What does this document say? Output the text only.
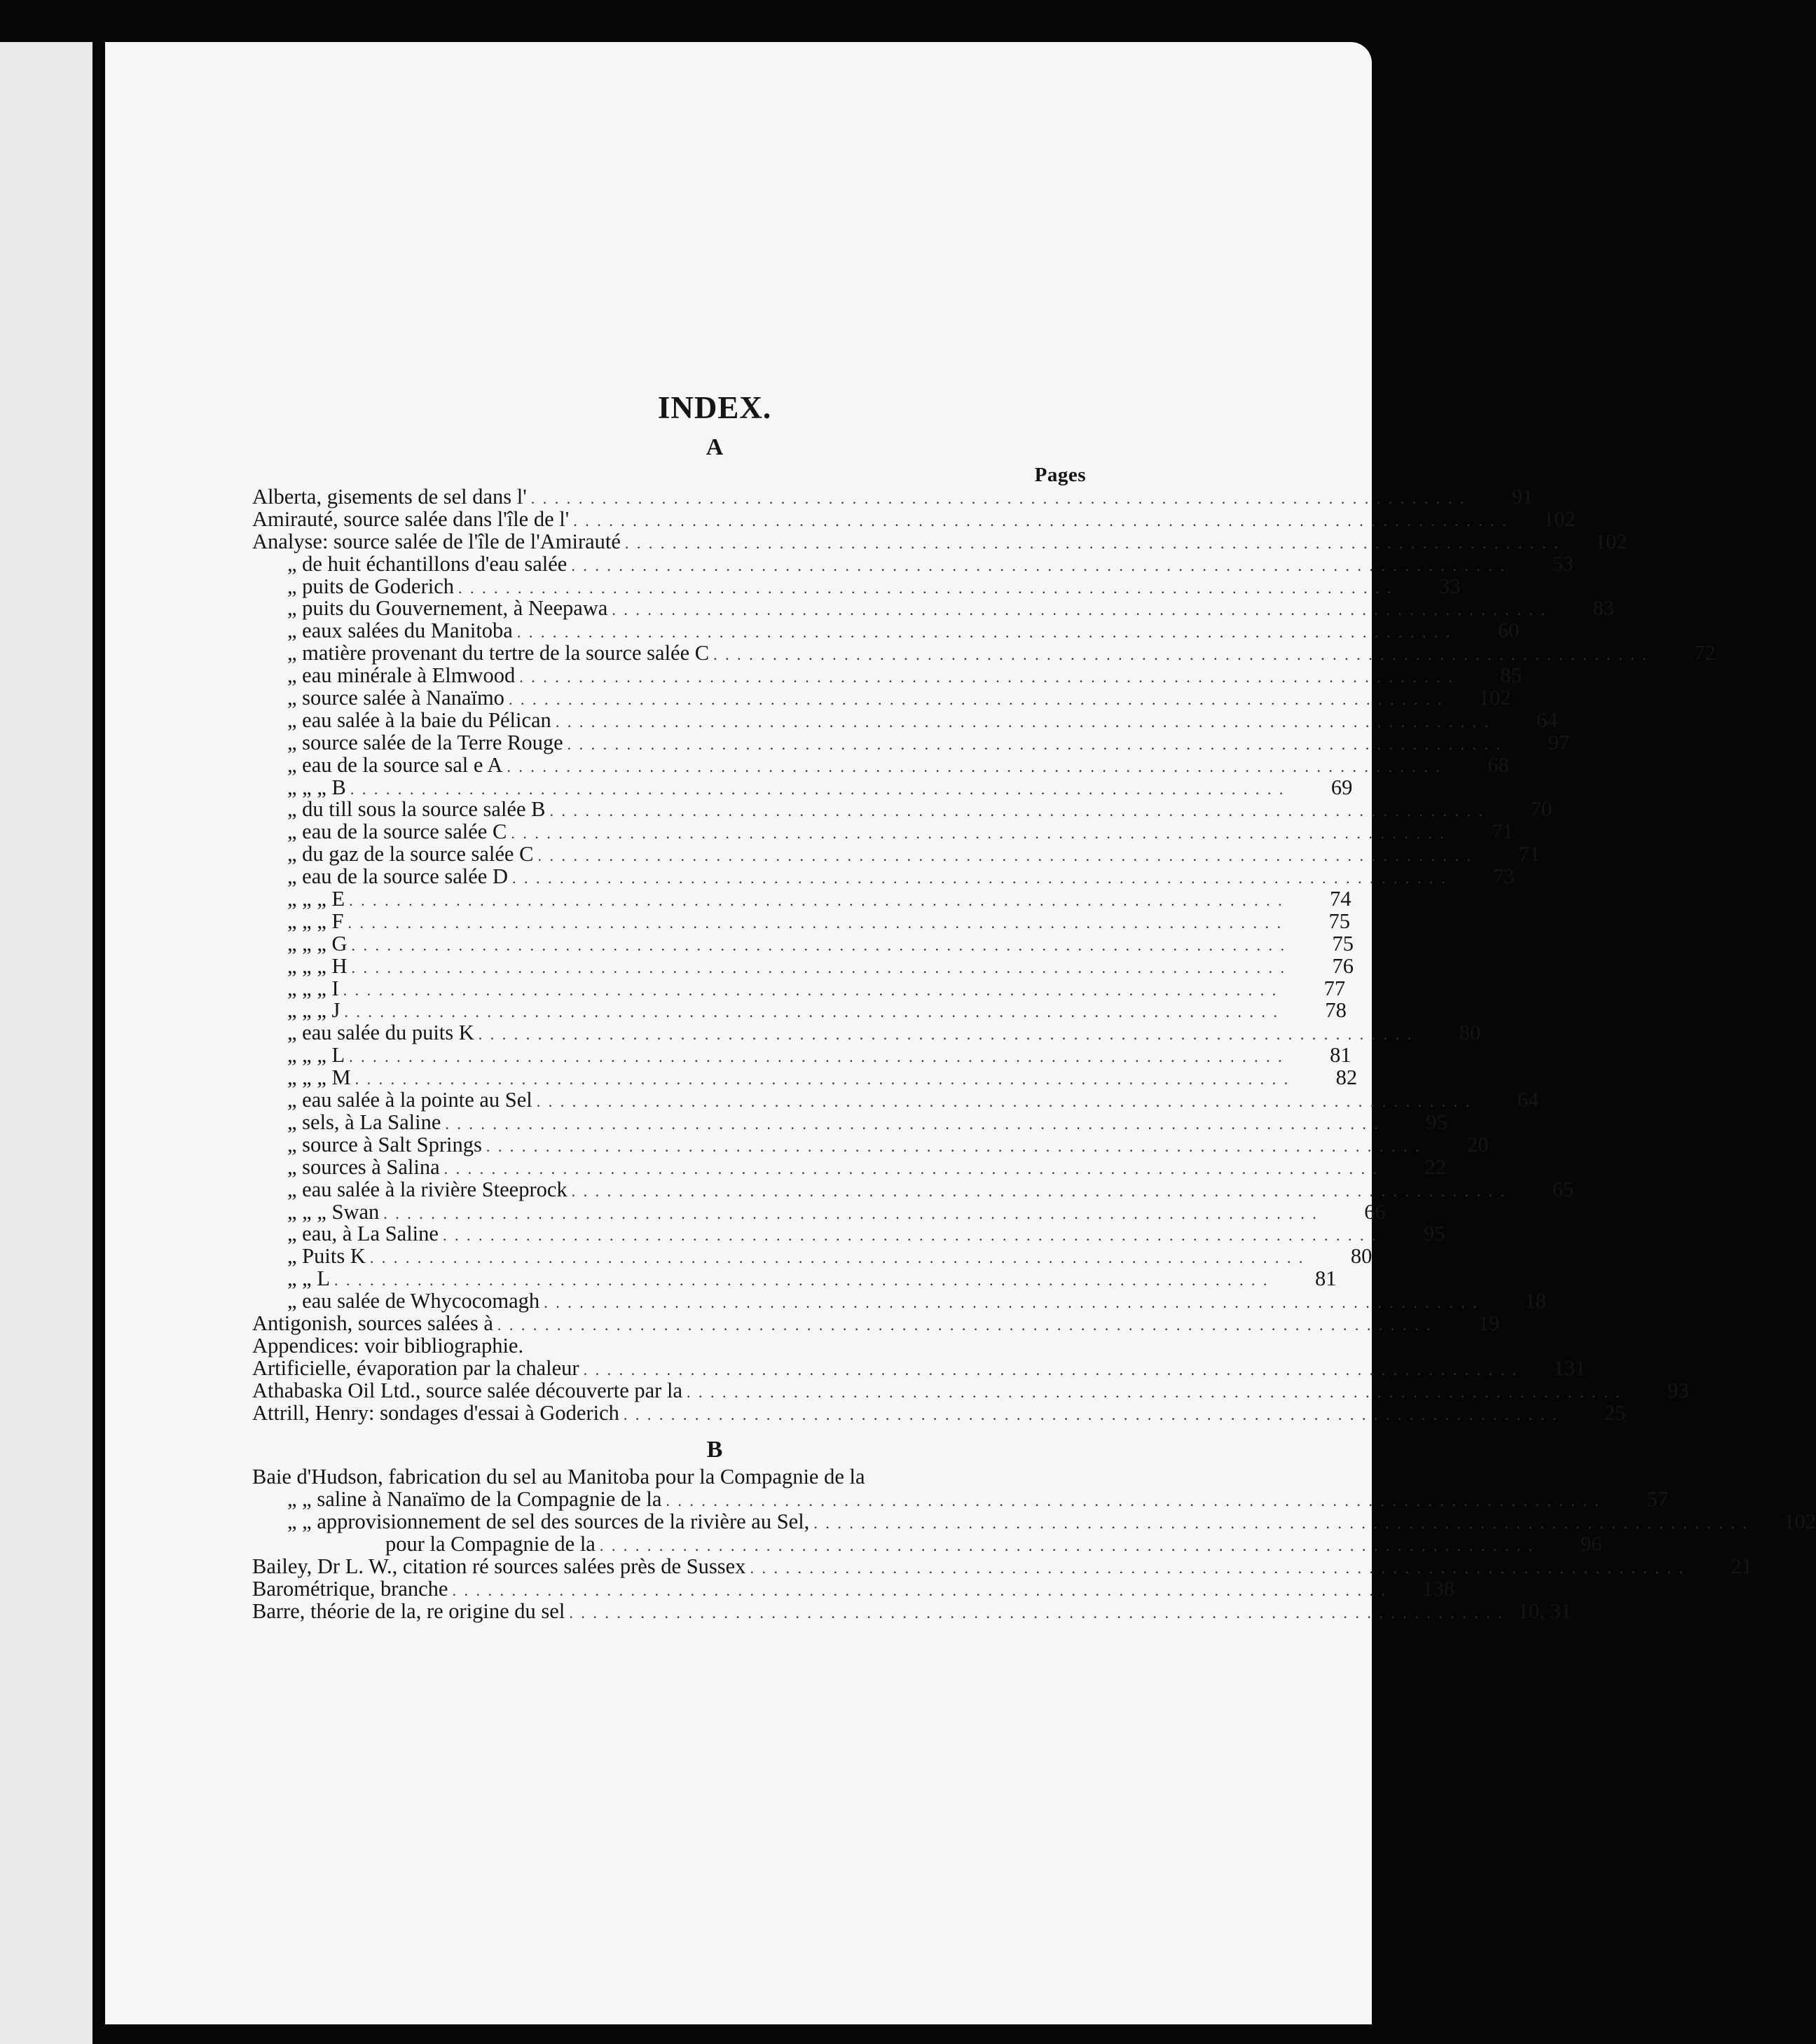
INDEX.
A
Pages
Alberta, gisements de sel dans l' . . . . . . . . . . . . . . . . . . . . . . . . . . . . . . . . . . . . . . . . . . . . . . . . . . . . . . . . . . . . . . . . . . . . . . . . . . . . . . .	91
Amirauté, source salée dans l'île de l' . . . . . . . . . . . . . . . . . . . . . . . . . . . . . . . . . . . . . . . . . . . . . . . . . . . . . . . . . . . . . . . . . . . . . . . . . . . . . . .	102
Analyse: source salée de l'île de l'Amirauté . . . . . . . . . . . . . . . . . . . . . . . . . . . . . . . . . . . . . . . . . . . . . . . . . . . . . . . . . . . . . . . . . . . . . . . . . . . . . . .	102
„ de huit échantillons d'eau salée . . . . . . . . . . . . . . . . . . . . . . . . . . . . . . . . . . . . . . . . . . . . . . . . . . . . . . . . . . . . . . . . . . . . . . . . . . . . . . .	53
„ puits de Goderich . . . . . . . . . . . . . . . . . . . . . . . . . . . . . . . . . . . . . . . . . . . . . . . . . . . . . . . . . . . . . . . . . . . . . . . . . . . . . . .	33
„ puits du Gouvernement, à Neepawa . . . . . . . . . . . . . . . . . . . . . . . . . . . . . . . . . . . . . . . . . . . . . . . . . . . . . . . . . . . . . . . . . . . . . . . . . . . . . . .	83
„ eaux salées du Manitoba . . . . . . . . . . . . . . . . . . . . . . . . . . . . . . . . . . . . . . . . . . . . . . . . . . . . . . . . . . . . . . . . . . . . . . . . . . . . . . .	60
„ matière provenant du tertre de la source salée C . . . . . . . . . . . . . . . . . . . . . . . . . . . . . . . . . . . . . . . . . . . . . . . . . . . . . . . . . . . . . . . . . . . . . . . . . . . . . . .	72
„ eau minérale à Elmwood . . . . . . . . . . . . . . . . . . . . . . . . . . . . . . . . . . . . . . . . . . . . . . . . . . . . . . . . . . . . . . . . . . . . . . . . . . . . . . .	85
„ source salée à Nanaïmo . . . . . . . . . . . . . . . . . . . . . . . . . . . . . . . . . . . . . . . . . . . . . . . . . . . . . . . . . . . . . . . . . . . . . . . . . . . . . . .	102
„ eau salée à la baie du Pélican . . . . . . . . . . . . . . . . . . . . . . . . . . . . . . . . . . . . . . . . . . . . . . . . . . . . . . . . . . . . . . . . . . . . . . . . . . . . . . .	64
„ source salée de la Terre Rouge . . . . . . . . . . . . . . . . . . . . . . . . . . . . . . . . . . . . . . . . . . . . . . . . . . . . . . . . . . . . . . . . . . . . . . . . . . . . . . .	97
„ eau de la source sal e A . . . . . . . . . . . . . . . . . . . . . . . . . . . . . . . . . . . . . . . . . . . . . . . . . . . . . . . . . . . . . . . . . . . . . . . . . . . . . . .	68
„ „ „ B . . . . . . . . . . . . . . . . . . . . . . . . . . . . . . . . . . . . . . . . . . . . . . . . . . . . . . . . . . . . . . . . . . . . . . . . . . . . . . .	69
„ du till sous la source salée B . . . . . . . . . . . . . . . . . . . . . . . . . . . . . . . . . . . . . . . . . . . . . . . . . . . . . . . . . . . . . . . . . . . . . . . . . . . . . . .	70
„ eau de la source salée C . . . . . . . . . . . . . . . . . . . . . . . . . . . . . . . . . . . . . . . . . . . . . . . . . . . . . . . . . . . . . . . . . . . . . . . . . . . . . . .	71
„ du gaz de la source salée C . . . . . . . . . . . . . . . . . . . . . . . . . . . . . . . . . . . . . . . . . . . . . . . . . . . . . . . . . . . . . . . . . . . . . . . . . . . . . . .	71
„ eau de la source salée D . . . . . . . . . . . . . . . . . . . . . . . . . . . . . . . . . . . . . . . . . . . . . . . . . . . . . . . . . . . . . . . . . . . . . . . . . . . . . . .	73
„ „ „ E . . . . . . . . . . . . . . . . . . . . . . . . . . . . . . . . . . . . . . . . . . . . . . . . . . . . . . . . . . . . . . . . . . . . . . . . . . . . . . .	74
„ „ „ F . . . . . . . . . . . . . . . . . . . . . . . . . . . . . . . . . . . . . . . . . . . . . . . . . . . . . . . . . . . . . . . . . . . . . . . . . . . . . . .	75
„ „ „ G . . . . . . . . . . . . . . . . . . . . . . . . . . . . . . . . . . . . . . . . . . . . . . . . . . . . . . . . . . . . . . . . . . . . . . . . . . . . . . .	75
„ „ „ H . . . . . . . . . . . . . . . . . . . . . . . . . . . . . . . . . . . . . . . . . . . . . . . . . . . . . . . . . . . . . . . . . . . . . . . . . . . . . . .	76
„ „ „ I . . . . . . . . . . . . . . . . . . . . . . . . . . . . . . . . . . . . . . . . . . . . . . . . . . . . . . . . . . . . . . . . . . . . . . . . . . . . . . .	77
„ „ „ J . . . . . . . . . . . . . . . . . . . . . . . . . . . . . . . . . . . . . . . . . . . . . . . . . . . . . . . . . . . . . . . . . . . . . . . . . . . . . . .	78
„ eau salée du puits K . . . . . . . . . . . . . . . . . . . . . . . . . . . . . . . . . . . . . . . . . . . . . . . . . . . . . . . . . . . . . . . . . . . . . . . . . . . . . . .	80
„ „ „ L . . . . . . . . . . . . . . . . . . . . . . . . . . . . . . . . . . . . . . . . . . . . . . . . . . . . . . . . . . . . . . . . . . . . . . . . . . . . . . .	81
„ „ „ M . . . . . . . . . . . . . . . . . . . . . . . . . . . . . . . . . . . . . . . . . . . . . . . . . . . . . . . . . . . . . . . . . . . . . . . . . . . . . . .	82
„ eau salée à la pointe au Sel . . . . . . . . . . . . . . . . . . . . . . . . . . . . . . . . . . . . . . . . . . . . . . . . . . . . . . . . . . . . . . . . . . . . . . . . . . . . . . .	64
„ sels, à La Saline . . . . . . . . . . . . . . . . . . . . . . . . . . . . . . . . . . . . . . . . . . . . . . . . . . . . . . . . . . . . . . . . . . . . . . . . . . . . . . .	95
„ source à Salt Springs . . . . . . . . . . . . . . . . . . . . . . . . . . . . . . . . . . . . . . . . . . . . . . . . . . . . . . . . . . . . . . . . . . . . . . . . . . . . . . .	20
„ sources à Salina . . . . . . . . . . . . . . . . . . . . . . . . . . . . . . . . . . . . . . . . . . . . . . . . . . . . . . . . . . . . . . . . . . . . . . . . . . . . . . .	22
„ eau salée à la rivière Steeprock . . . . . . . . . . . . . . . . . . . . . . . . . . . . . . . . . . . . . . . . . . . . . . . . . . . . . . . . . . . . . . . . . . . . . . . . . . . . . . .	65
„ „ „ Swan . . . . . . . . . . . . . . . . . . . . . . . . . . . . . . . . . . . . . . . . . . . . . . . . . . . . . . . . . . . . . . . . . . . . . . . . . . . . . . .	66
„ eau, à La Saline . . . . . . . . . . . . . . . . . . . . . . . . . . . . . . . . . . . . . . . . . . . . . . . . . . . . . . . . . . . . . . . . . . . . . . . . . . . . . . .	95
„ Puits K . . . . . . . . . . . . . . . . . . . . . . . . . . . . . . . . . . . . . . . . . . . . . . . . . . . . . . . . . . . . . . . . . . . . . . . . . . . . . . .	80
„ „ L . . . . . . . . . . . . . . . . . . . . . . . . . . . . . . . . . . . . . . . . . . . . . . . . . . . . . . . . . . . . . . . . . . . . . . . . . . . . . . .	81
„ eau salée de Whycocomagh . . . . . . . . . . . . . . . . . . . . . . . . . . . . . . . . . . . . . . . . . . . . . . . . . . . . . . . . . . . . . . . . . . . . . . . . . . . . . . .	18
Antigonish, sources salées à . . . . . . . . . . . . . . . . . . . . . . . . . . . . . . . . . . . . . . . . . . . . . . . . . . . . . . . . . . . . . . . . . . . . . . . . . . . . . . .	19
Appendices: voir bibliographie.
Artificielle, évaporation par la chaleur . . . . . . . . . . . . . . . . . . . . . . . . . . . . . . . . . . . . . . . . . . . . . . . . . . . . . . . . . . . . . . . . . . . . . . . . . . . . . . .	131
Athabaska Oil Ltd., source salée découverte par la . . . . . . . . . . . . . . . . . . . . . . . . . . . . . . . . . . . . . . . . . . . . . . . . . . . . . . . . . . . . . . . . . . . . . . . . . . . . . . .	93
Attrill, Henry: sondages d'essai à Goderich . . . . . . . . . . . . . . . . . . . . . . . . . . . . . . . . . . . . . . . . . . . . . . . . . . . . . . . . . . . . . . . . . . . . . . . . . . . . . . .	25
B
Baie d'Hudson, fabrication du sel au Manitoba pour la Compagnie de la
„ „ saline à Nanaïmo de la Compagnie de la . . . . . . . . . . . . . . . . . . . . . . . . . . . . . . . . . . . . . . . . . . . . . . . . . . . . . . . . . . . . . . . . . . . . . . . . . . . . . . .	57
„ „ approvisionnement de sel des sources de la rivière au Sel, . . . . . . . . . . . . . . . . . . . . . . . . . . . . . . . . . . . . . . . . . . . . . . . . . . . . . . . . . . . . . . . . . . . . . . . . . . . . . . .	102
pour la Compagnie de la . . . . . . . . . . . . . . . . . . . . . . . . . . . . . . . . . . . . . . . . . . . . . . . . . . . . . . . . . . . . . . . . . . . . . . . . . . . . . . .	96
Bailey, Dr L. W., citation ré sources salées près de Sussex . . . . . . . . . . . . . . . . . . . . . . . . . . . . . . . . . . . . . . . . . . . . . . . . . . . . . . . . . . . . . . . . . . . . . . . . . . . . . . .	21
Barométrique, branche . . . . . . . . . . . . . . . . . . . . . . . . . . . . . . . . . . . . . . . . . . . . . . . . . . . . . . . . . . . . . . . . . . . . . . . . . . . . . . .	138
Barre, théorie de la, re origine du sel . . . . . . . . . . . . . . . . . . . . . . . . . . . . . . . . . . . . . . . . . . . . . . . . . . . . . . . . . . . . . . . . . . . . . . . . . . . . . . . 10, 31
